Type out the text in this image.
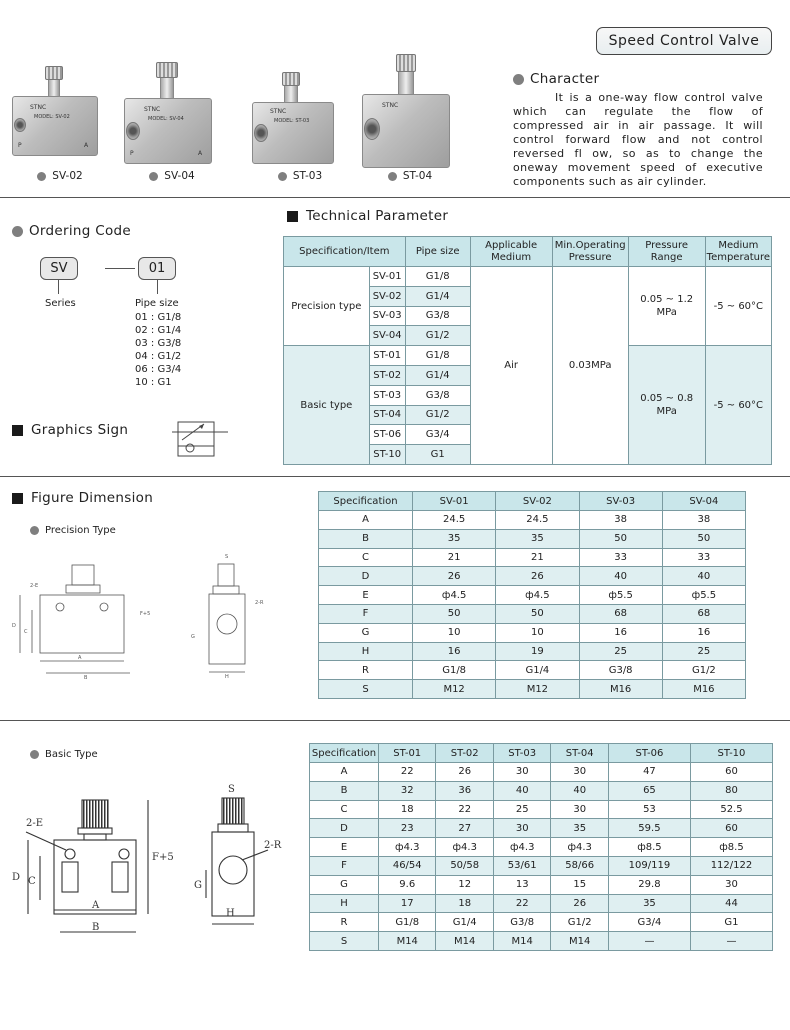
Speed Control Valve
STNC
MODEL: SV-02
P	A
SV-02
STNC
MODEL: SV-04
P	A
SV-04
STNC
MODEL: ST-03
ST-03
STNC
ST-04
Character
It is a one-way flow control valve which can regulate the flow of compressed air in air passage. It will control forward flow and not control reversed fl ow, so as to change the oneway movement speed of executive components such as air cylinder.
Ordering Code
SV	01
Series	Pipe size
01 : G1/8
02 : G1/4
03 : G3/8
04 : G1/2
06 : G3/4
10 : G1
Graphics Sign
Technical Parameter
Specification/Item		Pipe size	Applicable Medium	Min.Operating Pressure	Pressure Range	Medium Temperature
Precision type	SV-01	G1/8	Air	0.03MPa	0.05 ~ 1.2 MPa	-5 ~ 60°C
	SV-02	G1/4				
	SV-03	G3/8				
	SV-04	G1/2				
Basic type	ST-01	G1/8			0.05 ~ 0.8 MPa	-5 ~ 60°C
	ST-02	G1/4				
	ST-03	G3/8				
	ST-04	G1/2				
	ST-06	G3/4				
	ST-10	G1				
Figure Dimension
Precision Type
2-E
D
C
A
B
F+5
S
2-R
G
H
Specification	SV-01	SV-02	SV-03	SV-04
A	24.5	24.5	38	38
B	35	35	50	50
C	21	21	33	33
D	26	26	40	40
E	ф4.5	ф4.5	ф5.5	ф5.5
F	50	50	68	68
G	10	10	16	16
H	16	19	25	25
R	G1/8	G1/4	G3/8	G1/2
S	M12	M12	M16	M16
Basic Type
2-E
D C
A
B
F+5
S
2-R
G
H
Specification	ST-01	ST-02	ST-03	ST-04	ST-06	ST-10
A	22	26	30	30	47	60
B	32	36	40	40	65	80
C	18	22	25	30	53	52.5
D	23	27	30	35	59.5	60
E	ф4.3	ф4.3	ф4.3	ф4.3	ф8.5	ф8.5
F	46/54	50/58	53/61	58/66	109/119	112/122
G	9.6	12	13	15	29.8	30
H	17	18	22	26	35	44
R	G1/8	G1/4	G3/8	G1/2	G3/4	G1
S	M14	M14	M14	M14	—	—
